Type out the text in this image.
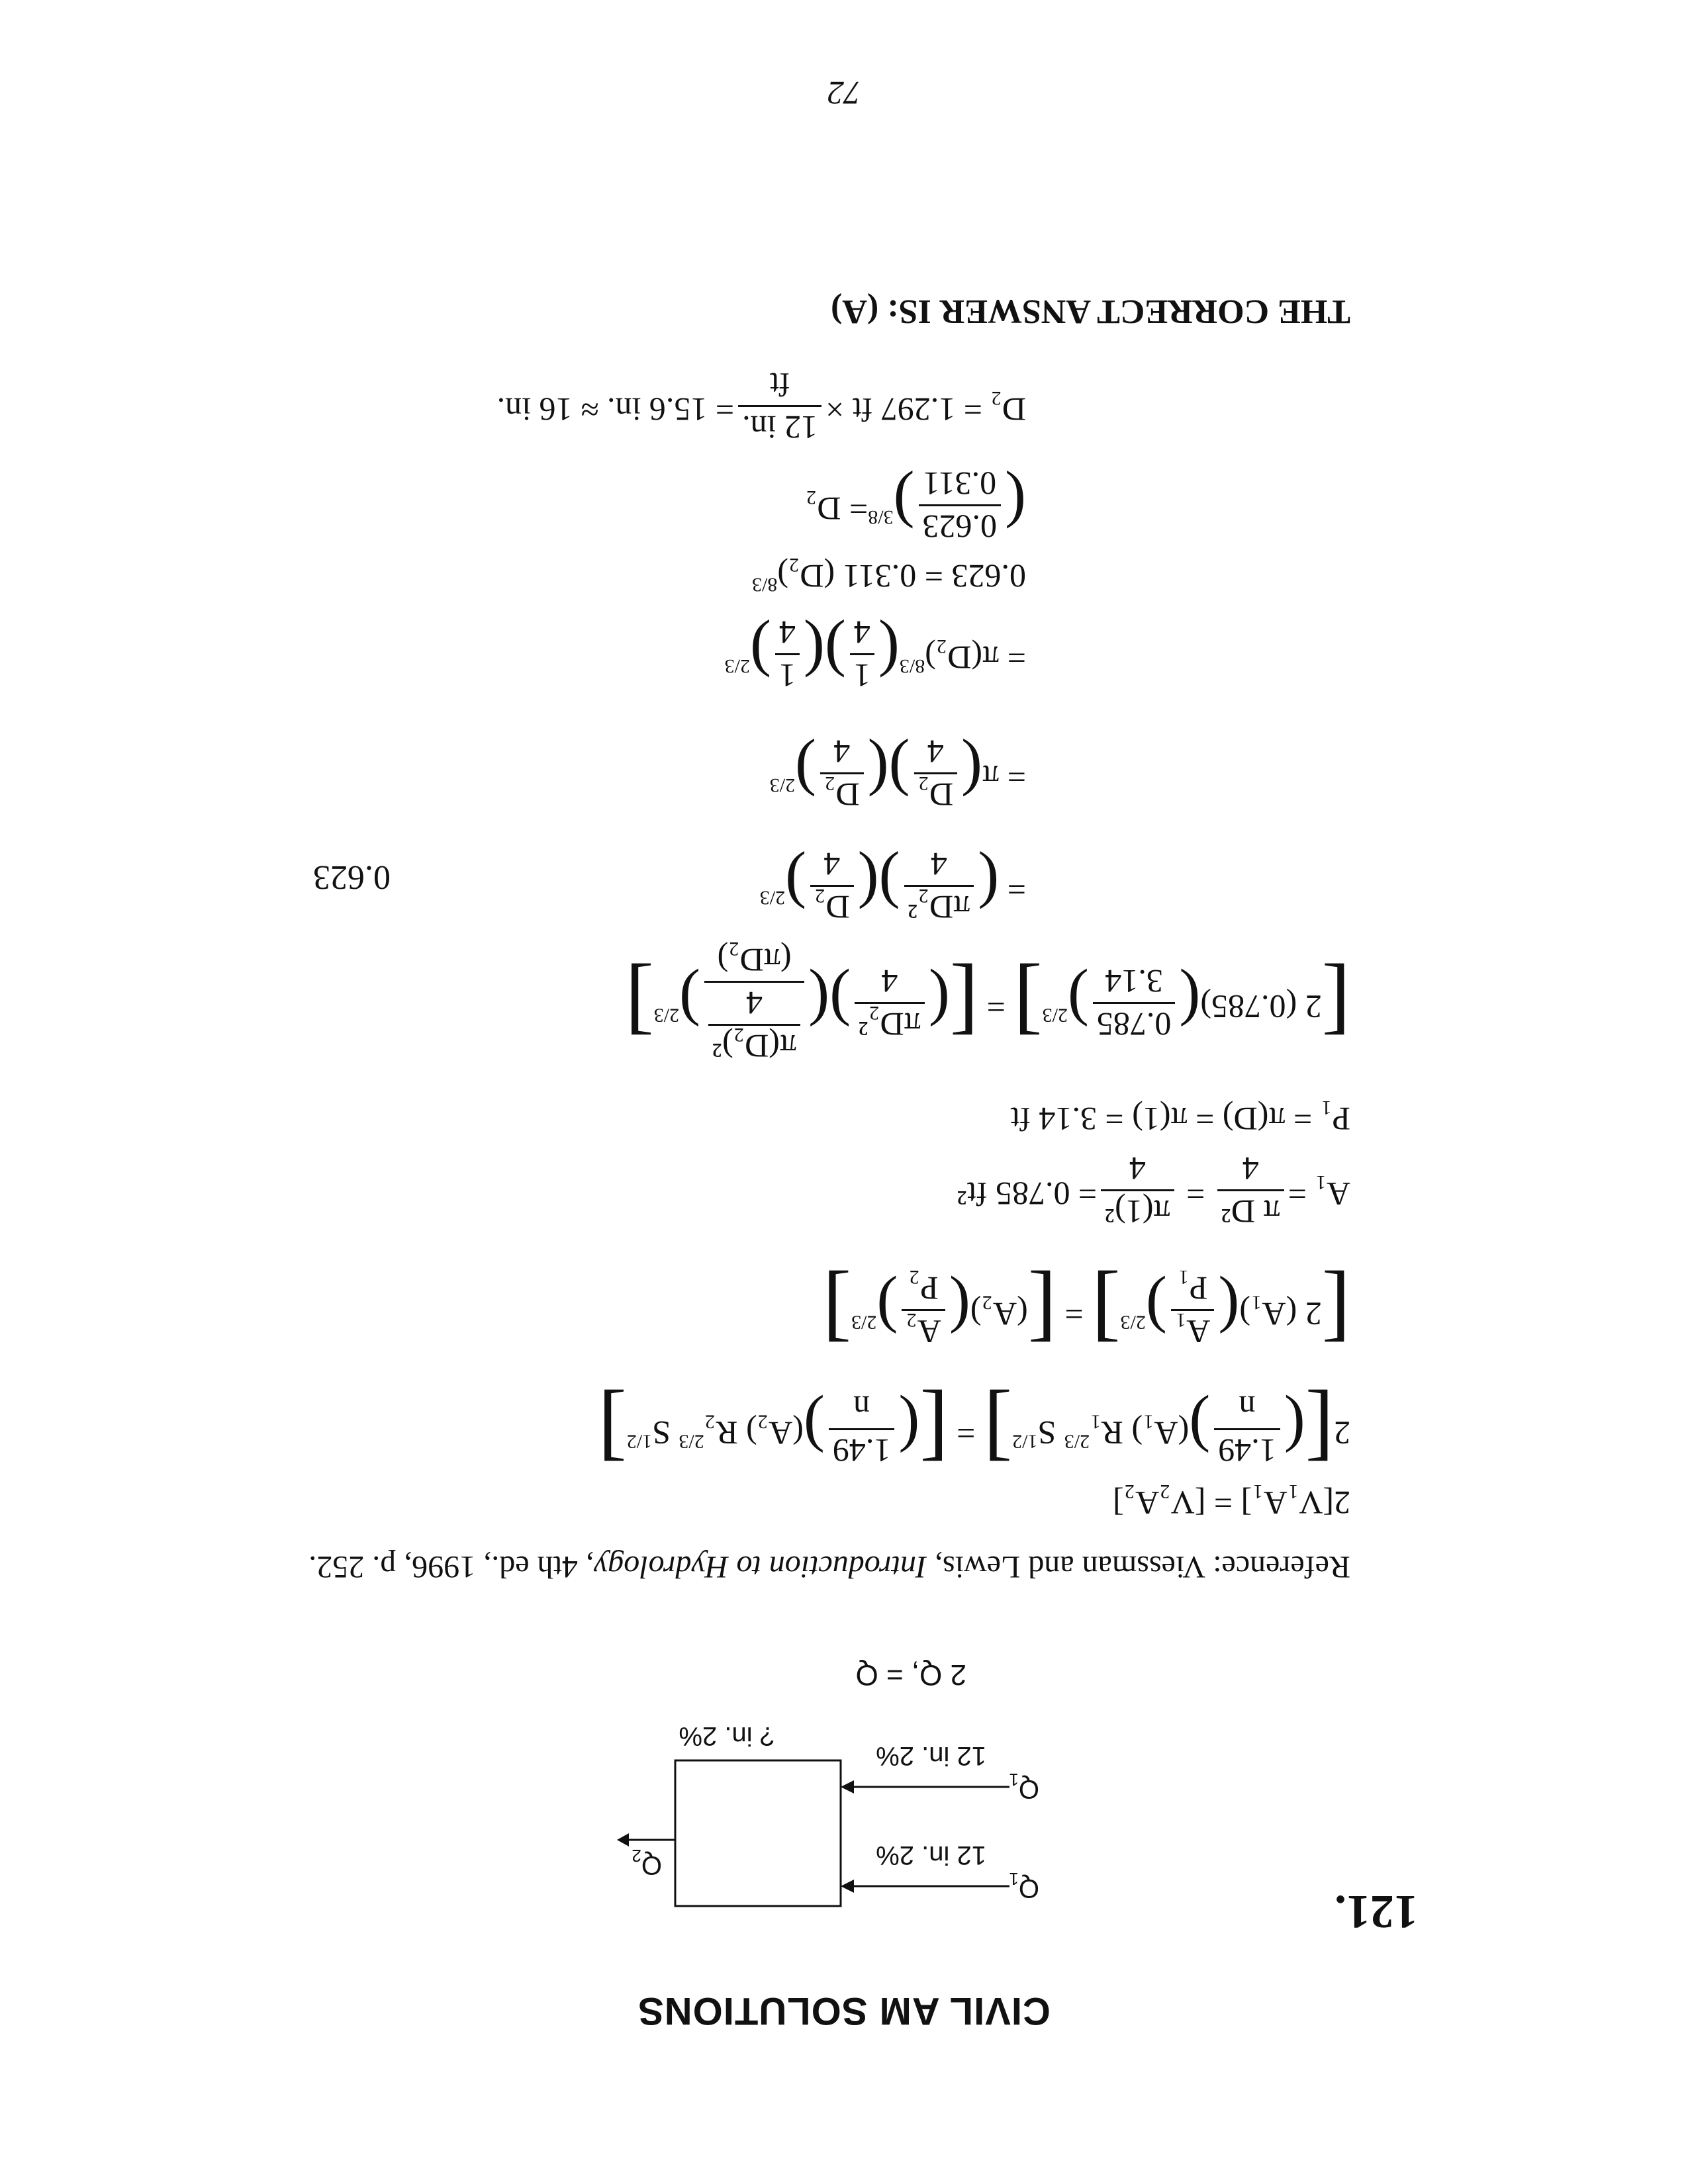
CIVIL AM SOLUTIONS
121.
$Q_1$
12 in. 2%
$Q_1$
12 in. 2%
$Q_2$
? in. 2%
2 Q, = Q
Reference: Viessman and Lewis, Introduction to Hydrology, 4th ed., 1996, p. 252.
2[V₁A₁] = [V₂A₂]
2[(
1.49
n
)(A₁) R₁$^{2/3}$ $S^{1/2}$] = [(
1.49
n
)(A₂) R₂$^{2/3}$ $S^{1/2}$]
[2 (A₁)(
A₁
P₁
)$^{2/3}$] = [(A₂)(
A₂
P₂
)$^{2/3}$]
A₁ =
π D²
4
=
π(1)²
4
= 0.785 ft²
P₁ = π(D) = π(1) = 3.14 ft
[2 (0.785)(
0.785
3.14
)$^{2/3}$] = [(
πD₂²
4
)(
π(D₂)²
4
(πD₂)
)$^{2/3}$]
0.623	= (
πD₂²
4
)(
D₂
4
)$^{2/3}$
= π(
D₂
4
)(
D₂
4
)$^{2/3}$
= $\pi(D_2)^{8/3}$(
1
4
)(
1
4
)$^{2/3}$
0.623 = 0.311 $(D_2)^{8/3}$
(
0.623
0.311
)$^{3/8}$= D₂
D₂ = 1.297 ft ×
12 in.
ft
= 15.6 in. ≈ 16 in.
THE CORRECT ANSWER IS: (A)
72
